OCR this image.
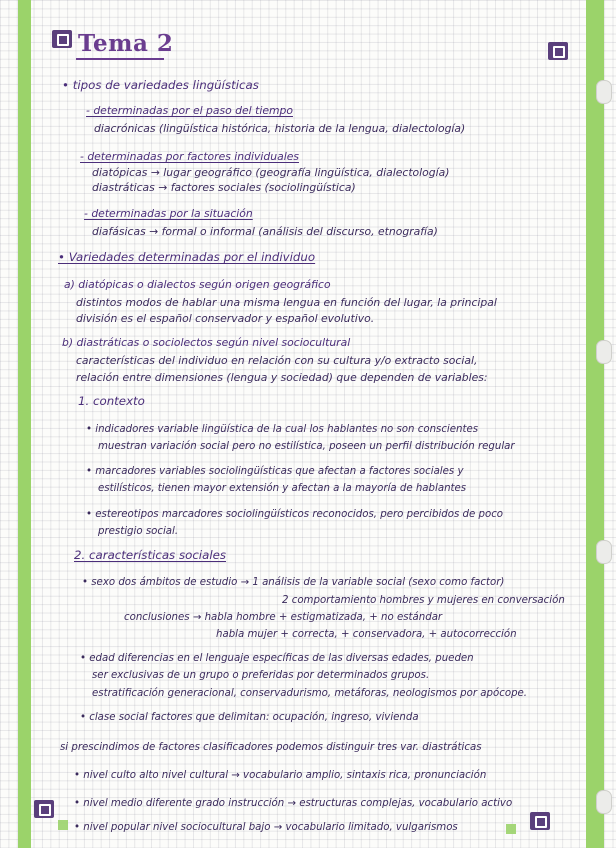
Tema 2
• tipos de variedades lingüísticas
- determinadas por el paso del tiempo
diacrónicas (lingüística histórica, historia de la lengua, dialectología)
- determinadas por factores individuales
diatópicas → lugar geográfico (geografía lingüística, dialectología)
diastráticas → factores sociales (sociolingüística)
- determinadas por la situación
diafásicas → formal o informal (análisis del discurso, etnografía)
• Variedades determinadas por el individuo
a) diatópicas o dialectos según origen geográfico
distintos modos de hablar una misma lengua en función del lugar, la principal
división es el español conservador y español evolutivo.
b) diastráticas o sociolectos según nivel sociocultural
características del individuo en relación con su cultura y/o extracto social,
relación entre dimensiones (lengua y sociedad) que dependen de variables:
1. contexto
• indicadores variable lingüística de la cual los hablantes no son conscientes
muestran variación social pero no estilística, poseen un perfil distribución regular
• marcadores variables sociolingüísticas que afectan a factores sociales y
estilísticos, tienen mayor extensión y afectan a la mayoría de hablantes
• estereotipos marcadores sociolingüísticos reconocidos, pero percibidos de poco
prestigio social.
2. características sociales
• sexo dos ámbitos de estudio → 1 análisis de la variable social (sexo como factor)
2 comportamiento hombres y mujeres en conversación
conclusiones → habla hombre + estigmatizada, + no estándar
habla mujer + correcta, + conservadora, + autocorrección
• edad diferencias en el lenguaje específicas de las diversas edades, pueden
ser exclusivas de un grupo o preferidas por determinados grupos.
estratificación generacional, conservadurismo, metáforas, neologismos por apócope.
• clase social factores que delimitan: ocupación, ingreso, vivienda
si prescindimos de factores clasificadores podemos distinguir tres var. diastráticas
• nivel culto alto nivel cultural → vocabulario amplio, sintaxis rica, pronunciación
• nivel medio diferente grado instrucción → estructuras complejas, vocabulario activo
• nivel popular nivel sociocultural bajo → vocabulario limitado, vulgarismos
